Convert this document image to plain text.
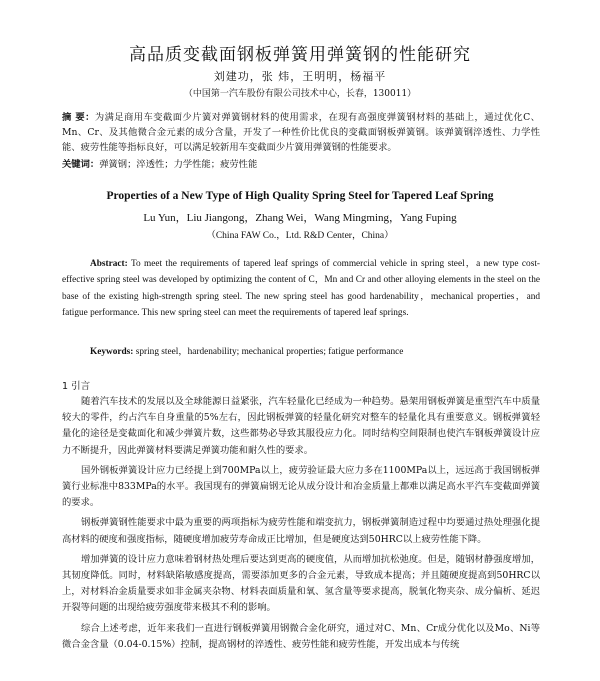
高品质变截面钢板弹簧用弹簧钢的性能研究
刘建功，张 炜，王明明，杨福平
（中国第一汽车股份有限公司技术中心，长春，130011）
摘 要：为满足商用车变截面少片簧对弹簧钢材料的使用需求，在现有高强度弹簧钢材料的基础上，通过优化C、Mn、Cr、及其他微合金元素的成分含量，开发了一种性价比优良的变截面钢板弹簧钢。该弹簧钢淬透性、力学性能、疲劳性能等指标良好，可以满足较新用车变截面少片簧用弹簧钢的性能要求。
关键词：弹簧钢；淬透性；力学性能；疲劳性能
Properties of a New Type of High Quality Spring Steel for Tapered Leaf Spring
Lu Yun，Liu Jiangong，Zhang Wei，Wang Mingming，Yang Fuping
（China FAW Co.，Ltd. R&D Center，China）
Abstract: To meet the requirements of tapered leaf springs of commercial vehicle in spring steel，a new type cost-effective spring steel was developed by optimizing the content of C，Mn and Cr and other alloying elements in the steel on the base of the existing high-strength spring steel. The new spring steel has good hardenability，mechanical properties，and fatigue performance. This new spring steel can meet the requirements of tapered leaf springs.
Keywords: spring steel，hardenability; mechanical properties; fatigue performance
1 引言

随着汽车技术的发展以及全球能源日益紧张，汽车轻量化已经成为一种趋势。悬架用钢板弹簧是重型汽车中质量较大的零件，约占汽车自身重量的5%左右，因此钢板弹簧的轻量化研究对整车的轻量化具有重要意义。钢板弹簧轻量化的途径是变截面化和减少弹簧片数，这些都势必导致其服役应力化。同时结构空间限制也使汽车钢板弹簧设计应力不断提升，因此弹簧材料要满足弹簧功能和耐久性的要求。

国外钢板弹簧设计应力已经提上到700MPa以上，疲劳验证最大应力多在1100MPa以上，远远高于我国钢板弹簧行业标准中833MPa的水平。我国现有的弹簧扁钢无论从成分设计和冶金质量上都难以满足高水平汽车变截面弹簧的要求。

钢板弹簧钢性能要求中最为重要的两项指标为疲劳性能和端变抗力，钢板弹簧制造过程中均要通过热处理强化提高材料的硬度和强度指标，随硬度增加疲劳寿命成正比增加，但是硬度达到50HRC以上疲劳性能下降。

增加弹簧的设计应力意味着钢材热处理后要达到更高的硬度值，从而增加抗松弛度。但是，随钢材静强度增加，其韧度降低。同时，材料缺陷敏感度提高，需要添加更多的合金元素，导致成本提高；并且随硬度提高到50HRC以上，对材料冶金质量要求如非金属夹杂物、材料表面质量和氧、氢含量等要求提高，脱氧化物夹杂、成分偏析、延迟开裂等问题的出现给疲劳强度带来极其不利的影响。

综合上述考虑，近年来我们一直进行钢板弹簧用钢微合金化研究，通过对C、Mn、Cr成分优化以及Mo、Ni等微合金含量（0.04-0.15%）控制，提高钢材的淬透性、疲劳性能和疲劳性能，开发出成本与传统
